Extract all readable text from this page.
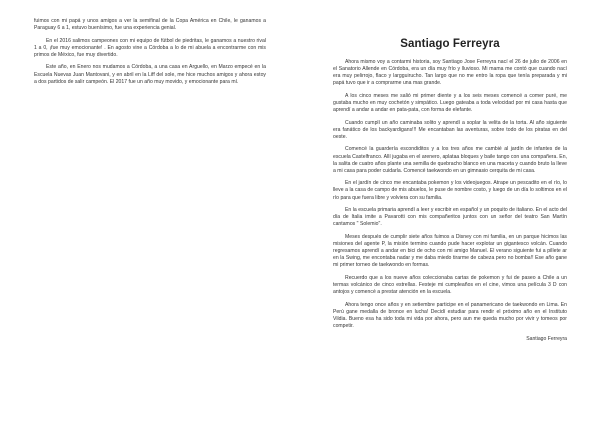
fuimos con mi papá y unos amigos a ver la semifinal de la Copa América en Chile, le ganamos a Paraguay 6 a 1, estuvo buenísimo, fue una experiencia genial.

En el 2016 salimos campeones con mi equipo de fútbol de piedritas, le ganamos a nuestro rival 1 a 0, ¡fue muy emocionante! . En agosto vine a Córdoba a lo de mi abuela a encontrarme con mis primos de México, fue muy divertido.

Este año, en Enero nos mudamos a Córdoba, a una casa en Arguello, en Marzo empecé en la Escuela Nuevas Juan Mantovani, y en abril en la Liff del sole, me hice muchos amigos y ahora estoy a dos partidos de salir campeón. El 2017 fue un año muy movido, y emocionante para mí.

Santiago Ferreyra

Ahora mismo voy a contarmi historia, soy Santiago Jose Ferreyra nací el 26 de julio de 2006 en el Sanatorio Allende en Córdoba, era un día muy frío y lluvioso. Mi mama me contó que cuando nací era muy pelirrojo, flaco y largguirucho. Tan largo que no me entro la ropa que tenía preparada y mi papá tuvo que ir a comprarme una mas grande.

A los cinco meses me salió mi primer diente y a los seis meses comencé a comer puré, me gustaba mucho en muy cochetón y simpático. Luego gateaba a toda velocidad por mi casa hasta que aprendí a andar a andar en pata-pata, con forma de elefante.

Cuando cumplí un año caminaba solito y aprendí a soplar la velita de la torta. Al año siguiente era fanático de los backyardigans!!! Me encantaban las aventuras, sobre todo de los piratas en del oeste.

Comencé la guardería escondiditos y a los tres años me cambié al jardín de infantes de la escuela Castelfranco. Allí jugaba en el arenero, aplataa bloques y baile tango con una compañera. En, la salita de cuatro años plante una semilla de quebracho blanco en una maceta y cuando bruto la lleve a mi casa para poder cuidarla. Comencé taekwondo en un gimnasio cerquita de mi casa.

En el jardín de cinco me encantaba pokemon y los videojuegos. Atrape un pescadito en el río, lo lleve a la casa de campo de mis abuelos, le puse de nombre costo, y luego de un día lo soltimos en el río para que fuera libre y volviera con su familia.

En la escuela primaria aprendí a leer y escribir en español y un poquito de italiano. En el acto del día de Italia imite a Pavarotti con mis compañeritos juntos con un señor del teatro San Martín cantamos " Solemio".

Meses después de cumplir siete años fuimos a Disney con mi familia, en un parque hicimos las misiones del agente P, la misión termino cuando pude hacer explotar un gigantesco volcán. Cuando regresamos aprendí a andar en bici de ocho con mi amigo Manuel. El verano siguiente fui a pillete ar en la Swing, me encontaba nadar y me daba miedo tirarme de cabeza pero no bomba!! Ese año gane mi primer torneo de taekwondo en formas.

Recuerdo que a los nueve años coleccionaba cartas de pokemon y fui de paseo a Chile a un termas volcánico de cinco estrellas. Festeje mi cumpleaños en el cine, vimos una película 3 D con antojos y comencé a prestar atención en la escuela.

Ahora tengo once años y en setiembre participe en el panamericano de taekwondo en Lima. En Perú gane medalla de bronce en lucha! Decidí estudiar para rendir el próximo año en el Instituto Vildia. Bueno esa ha sido toda mi vida por ahora, pero aun me queda mucho por vivir y tomeos por competir.

Santiago Ferreyra
